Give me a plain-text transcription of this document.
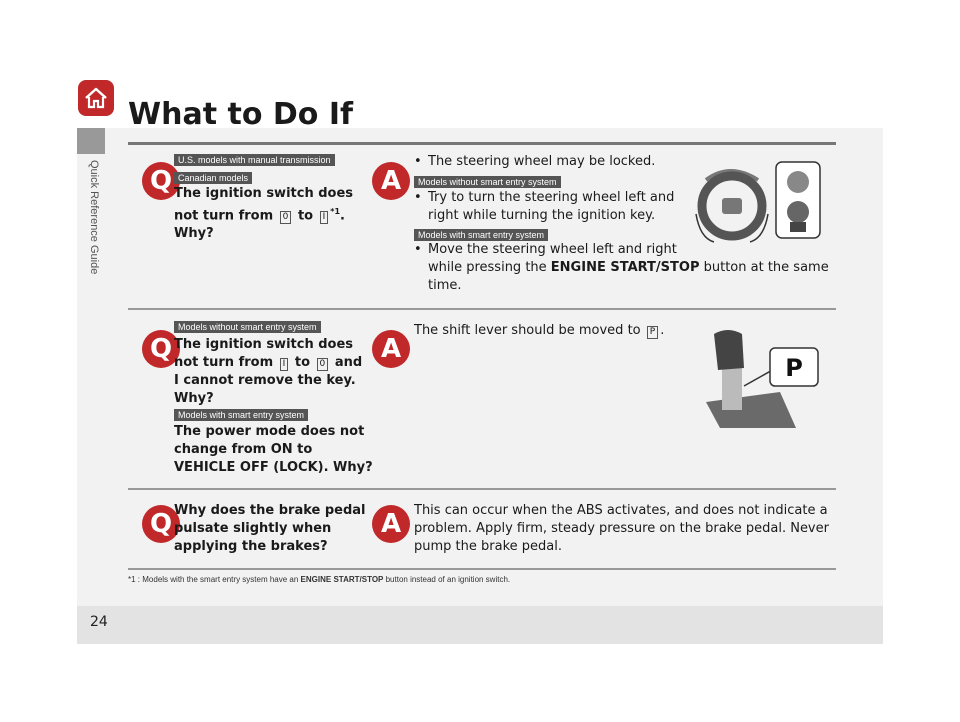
Quick Reference Guide
24
What to Do If
Q
U.S. models with manual transmission
Canadian models
The ignition switch does
not turn from 0 to $I^{*1}$.
Why?
A
• The steering wheel may be locked.
Models without smart entry system
• Try to turn the steering wheel left and
right while turning the ignition key.
Models with smart entry system
• Move the steering wheel left and right
while pressing the ENGINE START/STOP button at the same
time.
Q
Models without smart entry system
The ignition switch does
not turn from I to 0 and
I cannot remove the key.
Why?
Models with smart entry system
The power mode does not
change from ON to
VEHICLE OFF (LOCK). Why?
A
The shift lever should be moved to P .
P
Q Why does the brake pedal
pulsate slightly when
applying the brakes?
A This can occur when the ABS activates, and does not indicate a
problem. Apply firm, steady pressure on the brake pedal. Never
pump the brake pedal.
*1 : Models with the smart entry system have an ENGINE START/STOP button instead of an ignition switch.
